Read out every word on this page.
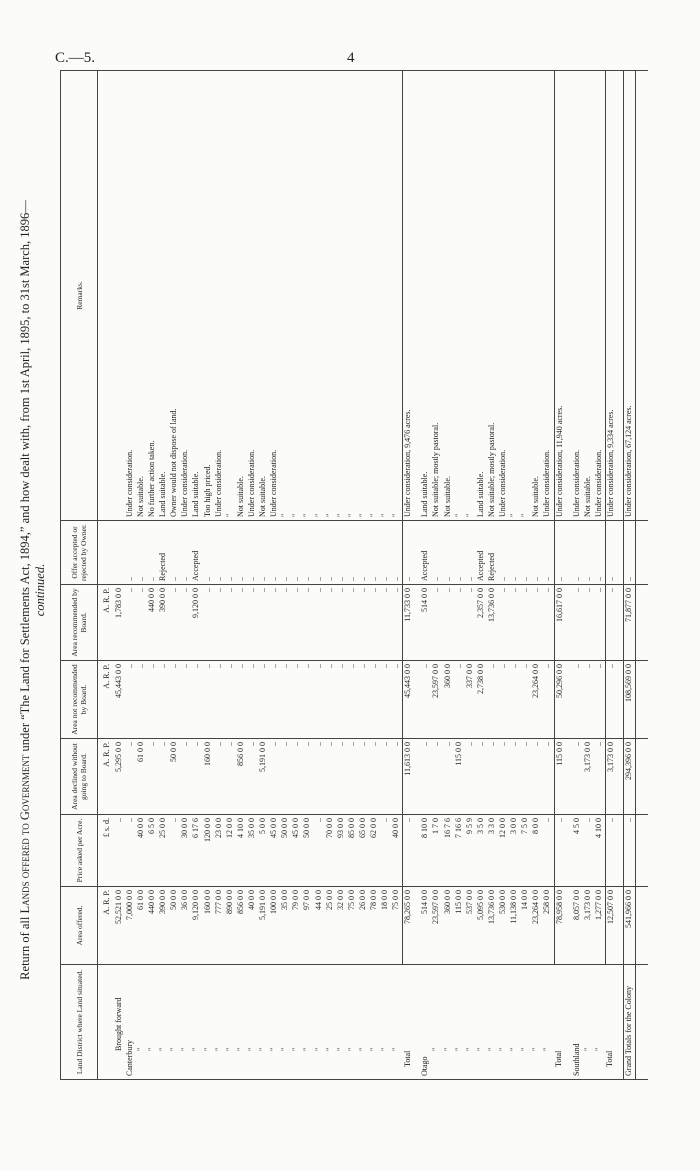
C.—5.	4
Return of all Lands offered to Government under “The Land for Settlements Act, 1894,” and how dealt with, from 1st April, 1895, to 31st March, 1896— continued.
Land District where Land situated.	Area offered.	Price asked per Acre.	Area declined without going to Board.	Area not recommended by Board.	Area recommended by Board.	Offer accepted or rejected by Owner.	Remarks.
	A. R. P.	£ s. d.	A. R. P.	A. R. P.	A. R. P.		
Brought forward	52,521 0 0	..	5,295 0 0	45,443 0 0	1,783 0 0		
Canterbury	7,000 0 0	..	..	..	..	..	Under consideration.
"	61 0 0	40 0 0	61 0 0	..	..	..	Not suitable.
"	440 0 0	6 5 0	..	..	440 0 0	..	No further action taken.
"	390 0 0	25 0 0	..	..	390 0 0	Rejected	Land suitable.
"	50 0 0	..	50 0 0	..	..	..	Owner would not dispose of land.
"	36 0 0	30 0 0	..	..	..	..	Under consideration.
"	9,120 0 0	6 17 6	..	..	9,120 0 0	Accepted	Land suitable.
"	160 0 0	120 0 0	160 0 0	..	..	..	Too high priced.
"	777 0 0	23 0 0	..	..	..	..	Under consideration.
"	890 0 0	12 0 0	..	..	..	..	"
"	856 0 0	4 10 0	856 0 0	..	..	..	Not suitable.
"	40 0 0	35 0 0	..	..	..	..	Under consideration.
"	5,191 0 0	5 0 0	5,191 0 0	..	..	..	Not suitable.
"	100 0 0	45 0 0	..	..	..	..	Under consideration.
"	35 0 0	50 0 0	..	..	..	..	"
"	79 0 0	45 0 0	..	..	..	..	"
"	97 0 0	50 0 0	..	..	..	..	"
"	44 0 0	..	..	..	..	..	"
"	25 0 0	70 0 0	..	..	..	..	"
"	32 0 0	93 0 0	..	..	..	..	"
"	75 0 0	85 0 0	..	..	..	..	"
"	26 0 0	65 0 0	..	..	..	..	"
"	78 0 0	62 0 0	..	..	..	..	"
"	18 0 0	..	..	..	..	..	"
"	75 0 0	40 0 0	..	..	..	..	"
Total	78,265 0 0	..	11,613 0 0	45,443 0 0	11,733 0 0	..	Under consideration, 9,476 acres.

Otago	514 0 0	8 10 0	..	..	514 0 0	Accepted	Land suitable.
"	23,597 0 0	1 7 0	..	23,597 0 0	..	..	Not suitable; mostly pastoral.
"	360 0 0	16 7 6	..	360 0 0	..	..	Not suitable.
"	115 0 0	7 16 6	115 0 0	..	..	..	"
"	537 0 0	9 5 9	..	337 0 0	..	..	"
"	5,095 0 0	3 5 0	..	2,738 0 0	2,357 0 0	Accepted	Land suitable.
"	13,736 0 0	3 3 0	..	..	13,736 0 0	Rejected	Not suitable; mostly pastoral.
"	530 0 0	12 0 0	..	..	..	..	Under consideration.
"	11,138 0 0	3 0 0	..	..	..	..	"
"	14 0 0	7 5 0	..	..	..	..	"
"	23,264 0 0	8 0 0	..	23,264 0 0	..	..	Not suitable.
"	258 0 0	..	..	..	..	..	Under consideration.
Total	78,958 0 0	..	115 0 0	50,296 0 0	16,617 0 0	..	Under consideration, 11,940 acres.

Southland	8,057 0 0	4 5 0	..	..	..	..	Under consideration.
"	3,173 0 0	..	3,173 0 0	..	..	..	Not suitable.
"	1,277 0 0	4 10 0	..	..	..	..	Under consideration.
Total	12,507 0 0	..	3,173 0 0	..	..	..	Under consideration, 9,334 acres.

Grand Totals for the Colony	541,966 0 0	..	294,396 0 0	108,569 0 0	71,877 0 0	..	Under consideration, 67,124 acres.
